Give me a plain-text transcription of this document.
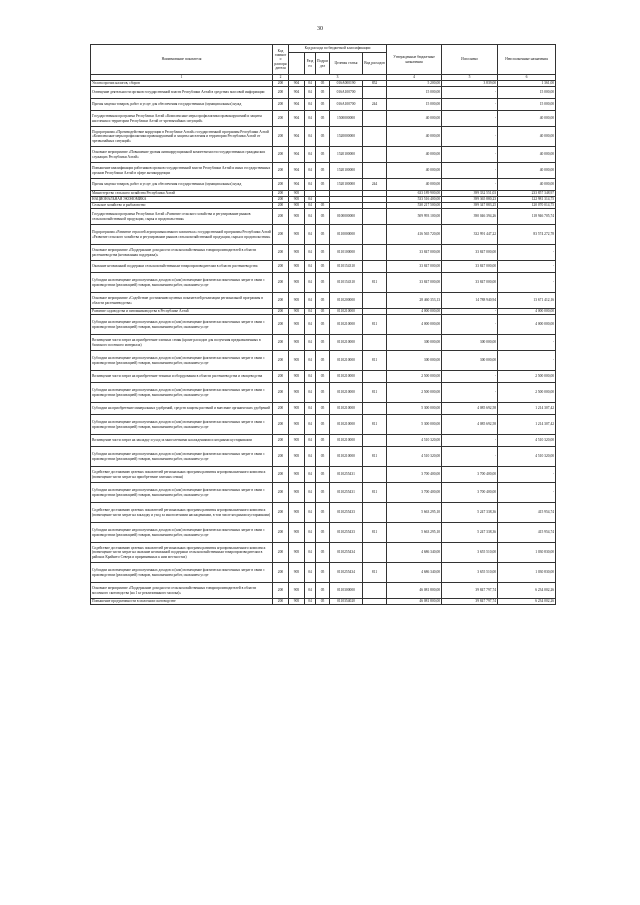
30
Наименование показателя	Код главного распорядителя	Код расхода по бюджетной классификации					Утвержденные бюджетные назначения	Исполнено	Неисполненные назначения
			Раздел	Подраздел	Целевая статья	Вид расходов			
1	2	3					4	5	6
Уплата прочих налогов, сборов	200	904	04	05	016А000190	852	5 200,00	3 839,00	1 361,00
Освещение деятельности органов государственной власти Республики Алтай в средствах массовой информации	200	904	04	05	016А100700		15 000,00	-	15 000,00
Прочая закупка товаров, работ и услуг для обеспечения государственных (муниципальных) нужд	200	904	04	05	016А100700	244	15 000,00	-	15 000,00
Государственная программа Республики Алтай «Комплексные меры профилактики правонарушений и защиты населения и территории Республики Алтай от чрезвычайных ситуаций»	200	904	04	05	1500000000		40 000,00	-	40 000,00
Подпрограмма «Противодействие коррупции в Республике Алтай» государственной программы Республики Алтай «Комплексные меры профилактики правонарушений и защиты населения и территории Республики Алтай от чрезвычайных ситуаций»	200	904	04	05	1520000000		40 000,00	-	40 000,00
Основное мероприятие «Повышение уровня антикоррупционной компетентности государственных гражданских служащих Республики Алтай»	200	904	04	05	1520100000		40 000,00	-	40 000,00
Повышение квалификации работников органов государственной власти Республики Алтай и иных государственных органов Республики Алтай в сфере антикоррупции	200	904	04	05	1520100000		40 000,00	-	40 000,00
Прочая закупка товаров, работ и услуг для обеспечения государственных (муниципальных) нужд	200	904	04	05	1520100000	244	40 000,00	-	40 000,00
Министерство сельского хозяйства Республики Алтай	200	905					633 189 900,00	399 332 551,03	233 857 348,97
НАЦИОНАЛЬНАЯ ЭКОНОМИКА	200	905	04				533 516 400,00	399 365 880,23	122 981 314,75
Сельское хозяйство и рыболовство	200	905	04	05			530 217 500,00	399 347 883,25	120 070 014,75
Государственная программа Республики Алтай «Развитие сельского хозяйства и регулирование рынков сельскохозяйственной продукции, сырья и продовольствия»	200	905	04	05	0100000000		509 993 100,00	390 046 394,26	118 946 705,74
Подпрограмма «Развитие отраслей агропромышленного комплекса» государственной программы Республики Алтай «Развитие сельского хозяйства и регулирование рынков сельскохозяйственной продукции, сырья и продовольствия»	200	905	04	05	0110000000		416 565 720,00	332 991 447,22	83 574 272,78
Основное мероприятие «Поддержание доходности сельскохозяйственных товаропроизводителей в области растениеводства (несвязанная поддержка)»	200	905	04	05	0110100000		33 847 000,00	33 847 000,00	-
Оказание несвязанной поддержки сельскохозяйственным товаропроизводителям в области растениеводства	200	905	04	05	0110154310		33 847 000,00	33 847 000,00	-
Субсидии на возмещение недополученных доходов и (или) возмещение фактически понесенных затрат в связи с производством (реализацией) товаров, выполнением работ, оказанием услуг	200	905	04	05	0110154310	811	33 847 000,00	33 847 000,00	-
Основное мероприятие «Содействие достижению целевых показателей реализации региональной программы в области растениеводства»	200	905	04	05	0110200000		28 460 353,13	14 788 940,94	13 671 412,16
Развитие садоводства и питомниководства в Республике Алтай	200	905	04	05	0110210000		4 000 000,00	-	4 000 000,00
Субсидии на возмещение недополученных доходов и (или) возмещение фактически понесенных затрат в связи с производством (реализацией) товаров, выполнением работ, оказанием услуг	200	905	04	05	0110210000	811	4 000 000,00	-	4 000 000,00
Возмещение части затрат на приобретение элитных семян (кроме расходов для получения предназначенных в базисного посевного материала)	200	905	04	05	0110210000		300 000,00	300 000,00	-
Субсидии на возмещение недополученных доходов и (или) возмещение фактически понесенных затрат в связи с производством (реализацией) товаров, выполнением работ, оказанием услуг	200	905	04	05	0110210000	811	300 000,00	300 000,00	-
Возмещение части затрат на приобретение техники и оборудования в области растениеводства и овощеводства	200	905	04	05	0110210000		2 500 000,00	-	2 500 000,00
Субсидии на возмещение недополученных доходов и (или) возмещение фактически понесенных затрат в связи с производством (реализацией) товаров, выполнением работ, оказанием услуг	200	905	04	05	0110210000	811	2 500 000,00	-	2 500 000,00
Субсидии на приобретение минеральных удобрений, средств защиты растений и внесение органических удобрений	200	905	04	05	0110210000		5 300 000,00	4 085 692,58	1 214 307,42
Субсидии на возмещение недополученных доходов и (или) возмещение фактически понесенных затрат в связи с производством (реализацией) товаров, выполнением работ, оказанием услуг	200	905	04	05	0110210000	811	5 300 000,00	4 085 692,58	1 214 307,42
Возмещение части затрат на закладку и уход за многолетними насаждениями и ягодными кустарниками	200	905	04	05	0110210000		4 510 320,00	-	4 510 320,00
Субсидии на возмещение недополученных доходов и (или) возмещение фактически понесенных затрат в связи с производством (реализацией) товаров, выполнением работ, оказанием услуг	200	905	04	05	0110210000	811	4 510 320,00	-	4 510 320,00
Содействие достижению целевых показателей региональных программ развития агропромышленного комплекса (возмещение части затрат на приобретение элитных семян)	200	905	04	05	0110255431		3 700 400,00	3 700 400,00	-
Субсидии на возмещение недополученных доходов и (или) возмещение фактически понесенных затрат в связи с производством (реализацией) товаров, выполнением работ, оказанием услуг	200	905	04	05	0110255431	811	3 700 400,00	3 700 400,00	-
Содействие достижению целевых показателей региональных программ развития агропромышленного комплекса (возмещение части затрат на закладку и уход за многолетними насаждениями, в том числе ягодными кустарниками)	200	905	04	05	0110255433		5 663 295,10	5 247 338,36	415 954,74
Субсидии на возмещение недополученных доходов и (или) возмещение фактически понесенных затрат в связи с производством (реализацией) товаров, выполнением работ, оказанием услуг	200	905	04	05	0110255433	811	5 663 295,10	5 247 338,36	415 954,74
Содействие достижению целевых показателей региональных программ развития агропромышленного комплекса (возмещение части затрат на оказание несвязанной поддержки сельскохозяйственным товаропроизводителям в районах Крайнего Севера и приравненных к ним местностях)	200	905	04	05	0110255434		4 686 340,00	3 655 510,00	1 030 830,00
Субсидии на возмещение недополученных доходов и (или) возмещение фактически понесенных затрат в связи с производством (реализацией) товаров, выполнением работ, оказанием услуг	200	905	04	05	0110255434	811	4 686 340,00	3 655 510,00	1 030 830,00
Основное мероприятие «Поддержание доходности сельскохозяйственных товаропроизводителей в области молочного скотоводства (на 1 кг реализованного молока)»	200	905	04	05	0110300000		46 081 800,00	39 847 797,74	6 234 002,26
Повышение продуктивности в молочном скотоводстве	200	905	04	05	0110354020		46 081 800,00	39 847 797,74	6 234 002,26
